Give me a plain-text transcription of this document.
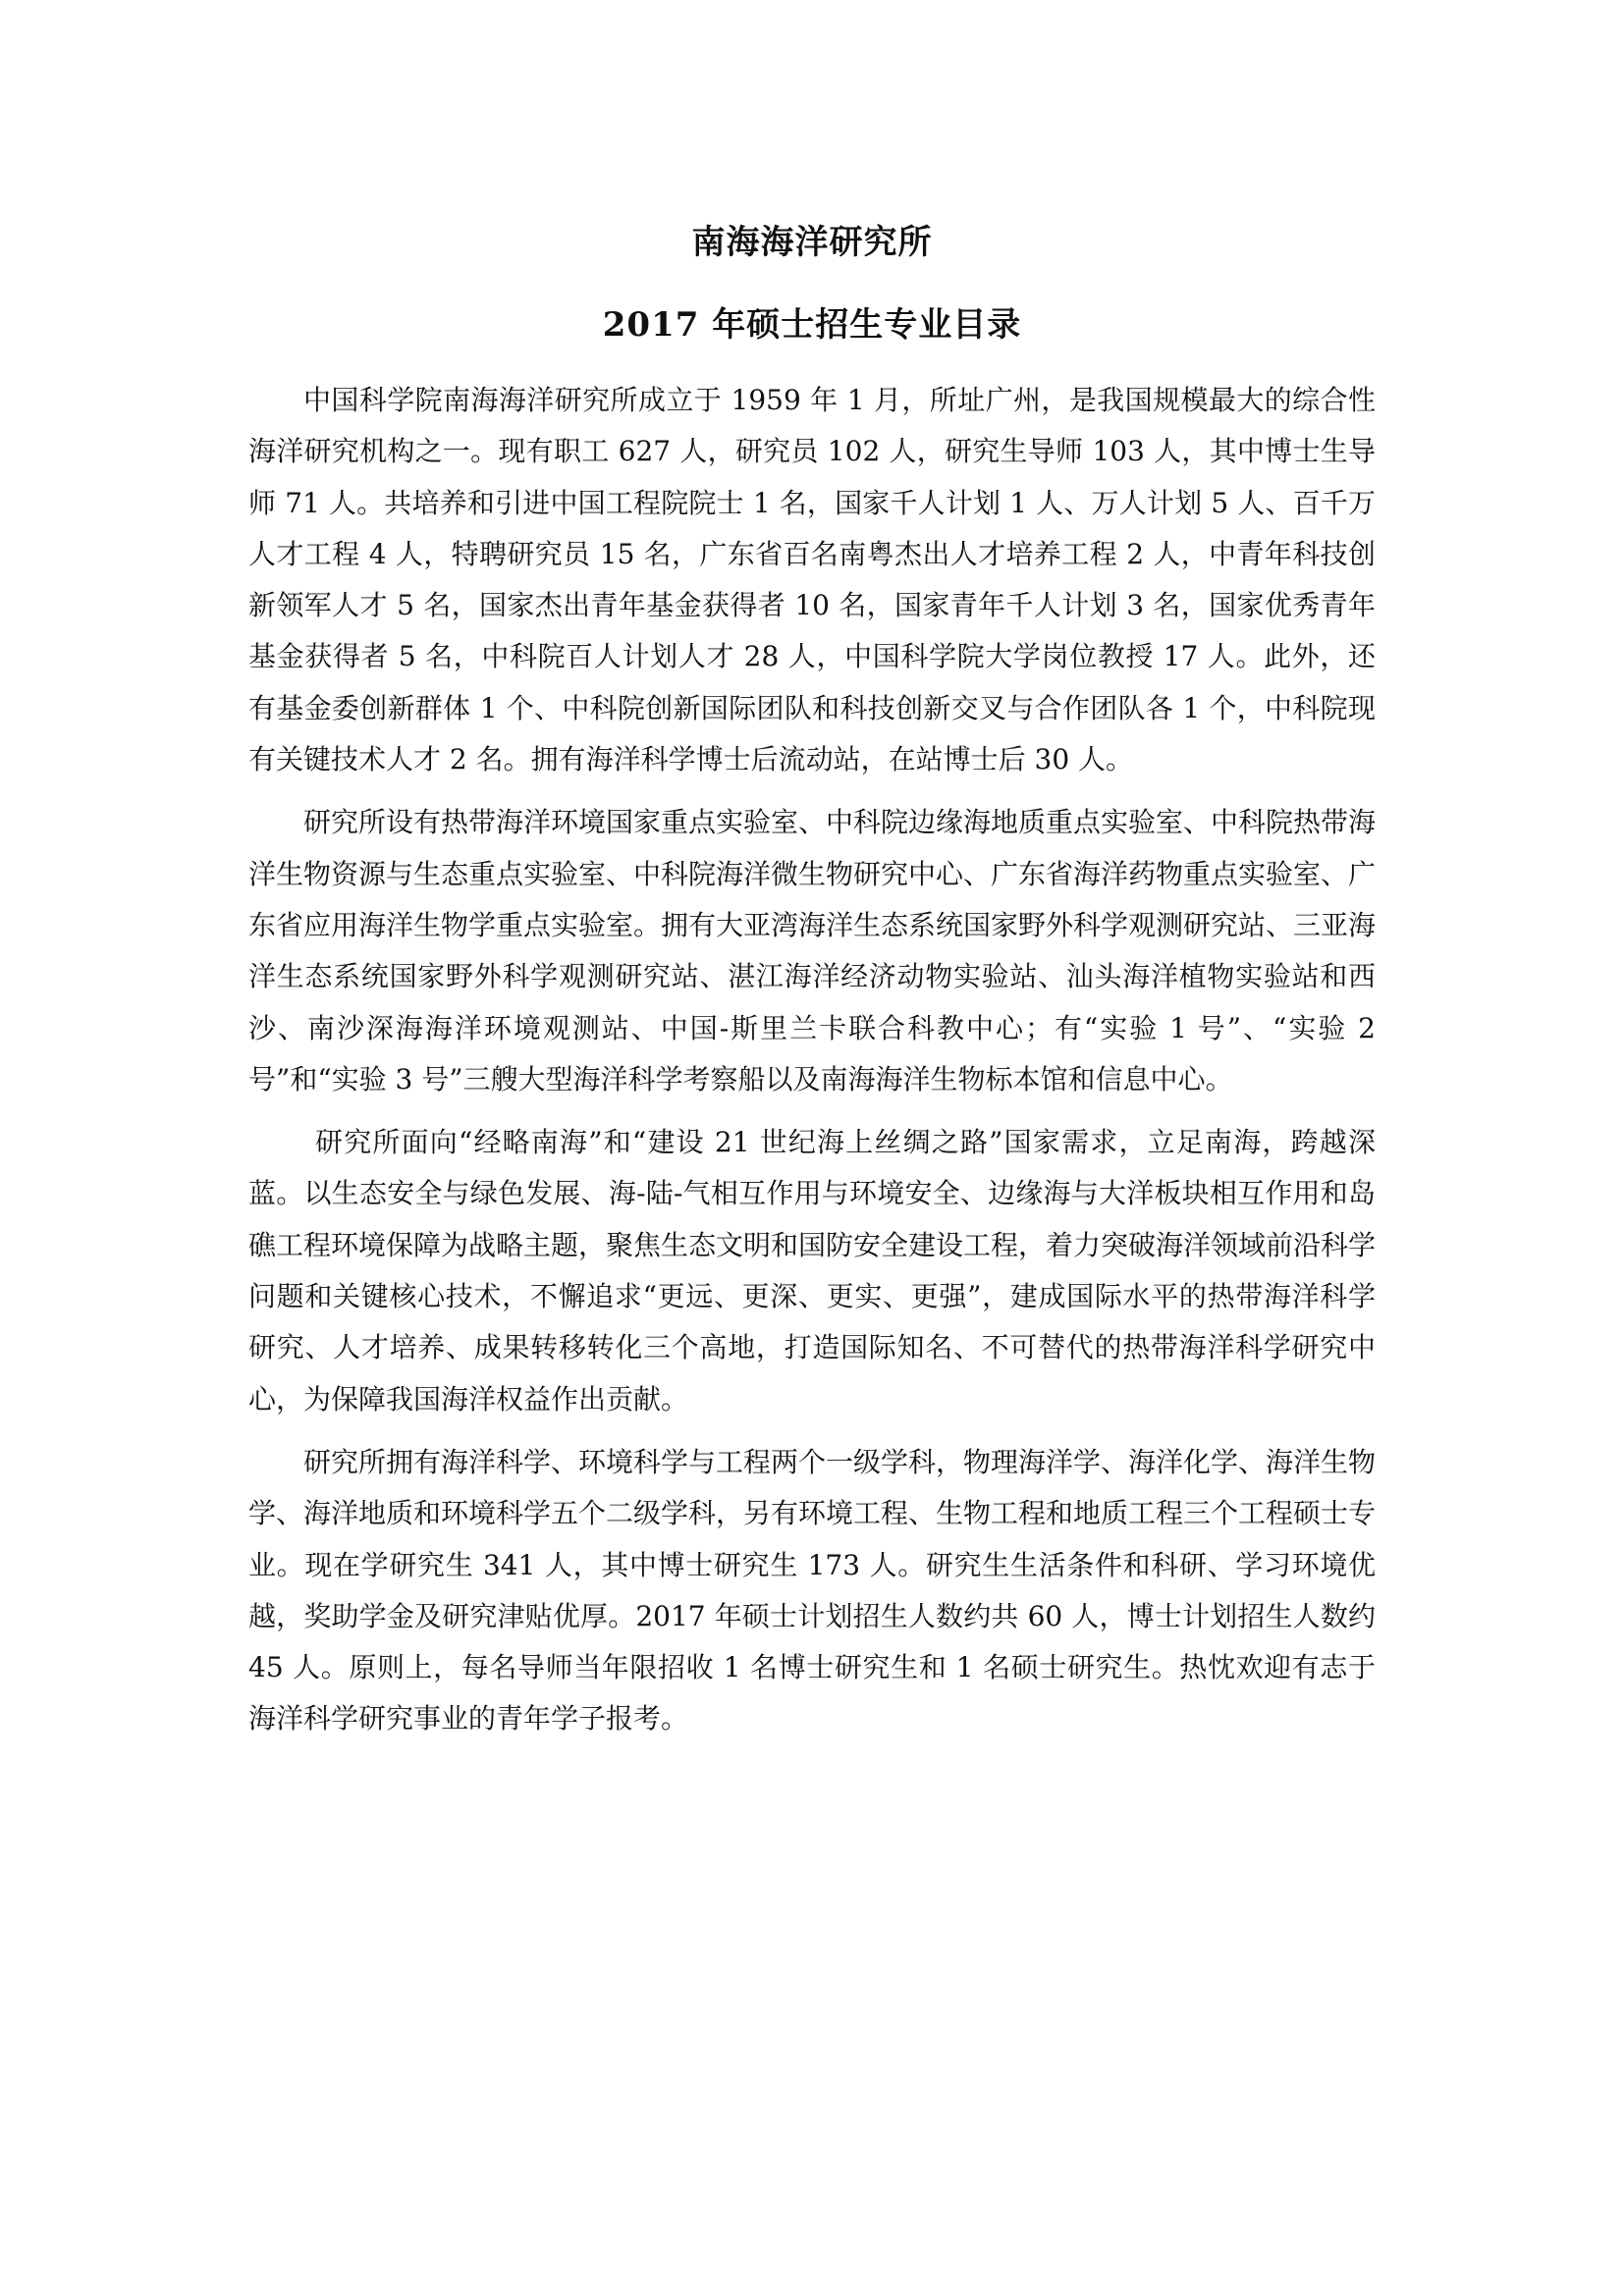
南海海洋研究所
2017 年硕士招生专业目录

中国科学院南海海洋研究所成立于 1959 年 1 月，所址广州，是我国规模最大的综合性海洋研究机构之一。现有职工 627 人，研究员 102 人，研究生导师 103 人，其中博士生导师 71 人。共培养和引进中国工程院院士 1 名，国家千人计划 1 人、万人计划 5 人、百千万人才工程 4 人，特聘研究员 15 名，广东省百名南粤杰出人才培养工程 2 人，中青年科技创新领军人才 5 名，国家杰出青年基金获得者 10 名，国家青年千人计划 3 名，国家优秀青年基金获得者 5 名，中科院百人计划人才 28 人，中国科学院大学岗位教授 17 人。此外，还有基金委创新群体 1 个、中科院创新国际团队和科技创新交叉与合作团队各 1 个，中科院现有关键技术人才 2 名。拥有海洋科学博士后流动站，在站博士后 30 人。

研究所设有热带海洋环境国家重点实验室、中科院边缘海地质重点实验室、中科院热带海洋生物资源与生态重点实验室、中科院海洋微生物研究中心、广东省海洋药物重点实验室、广东省应用海洋生物学重点实验室。拥有大亚湾海洋生态系统国家野外科学观测研究站、三亚海洋生态系统国家野外科学观测研究站、湛江海洋经济动物实验站、汕头海洋植物实验站和西沙、南沙深海海洋环境观测站、中国-斯里兰卡联合科教中心；有“实验 1 号”、“实验 2 号”和“实验 3 号”三艘大型海洋科学考察船以及南海海洋生物标本馆和信息中心。

研究所面向“经略南海”和“建设 21 世纪海上丝绸之路”国家需求，立足南海，跨越深蓝。以生态安全与绿色发展、海-陆-气相互作用与环境安全、边缘海与大洋板块相互作用和岛礁工程环境保障为战略主题，聚焦生态文明和国防安全建设工程，着力突破海洋领域前沿科学问题和关键核心技术，不懈追求“更远、更深、更实、更强”，建成国际水平的热带海洋科学研究、人才培养、成果转移转化三个高地，打造国际知名、不可替代的热带海洋科学研究中心，为保障我国海洋权益作出贡献。

研究所拥有海洋科学、环境科学与工程两个一级学科，物理海洋学、海洋化学、海洋生物学、海洋地质和环境科学五个二级学科，另有环境工程、生物工程和地质工程三个工程硕士专业。现在学研究生 341 人，其中博士研究生 173 人。研究生生活条件和科研、学习环境优越，奖助学金及研究津贴优厚。2017 年硕士计划招生人数约共 60 人，博士计划招生人数约 45 人。原则上，每名导师当年限招收 1 名博士研究生和 1 名硕士研究生。热忱欢迎有志于海洋科学研究事业的青年学子报考。
